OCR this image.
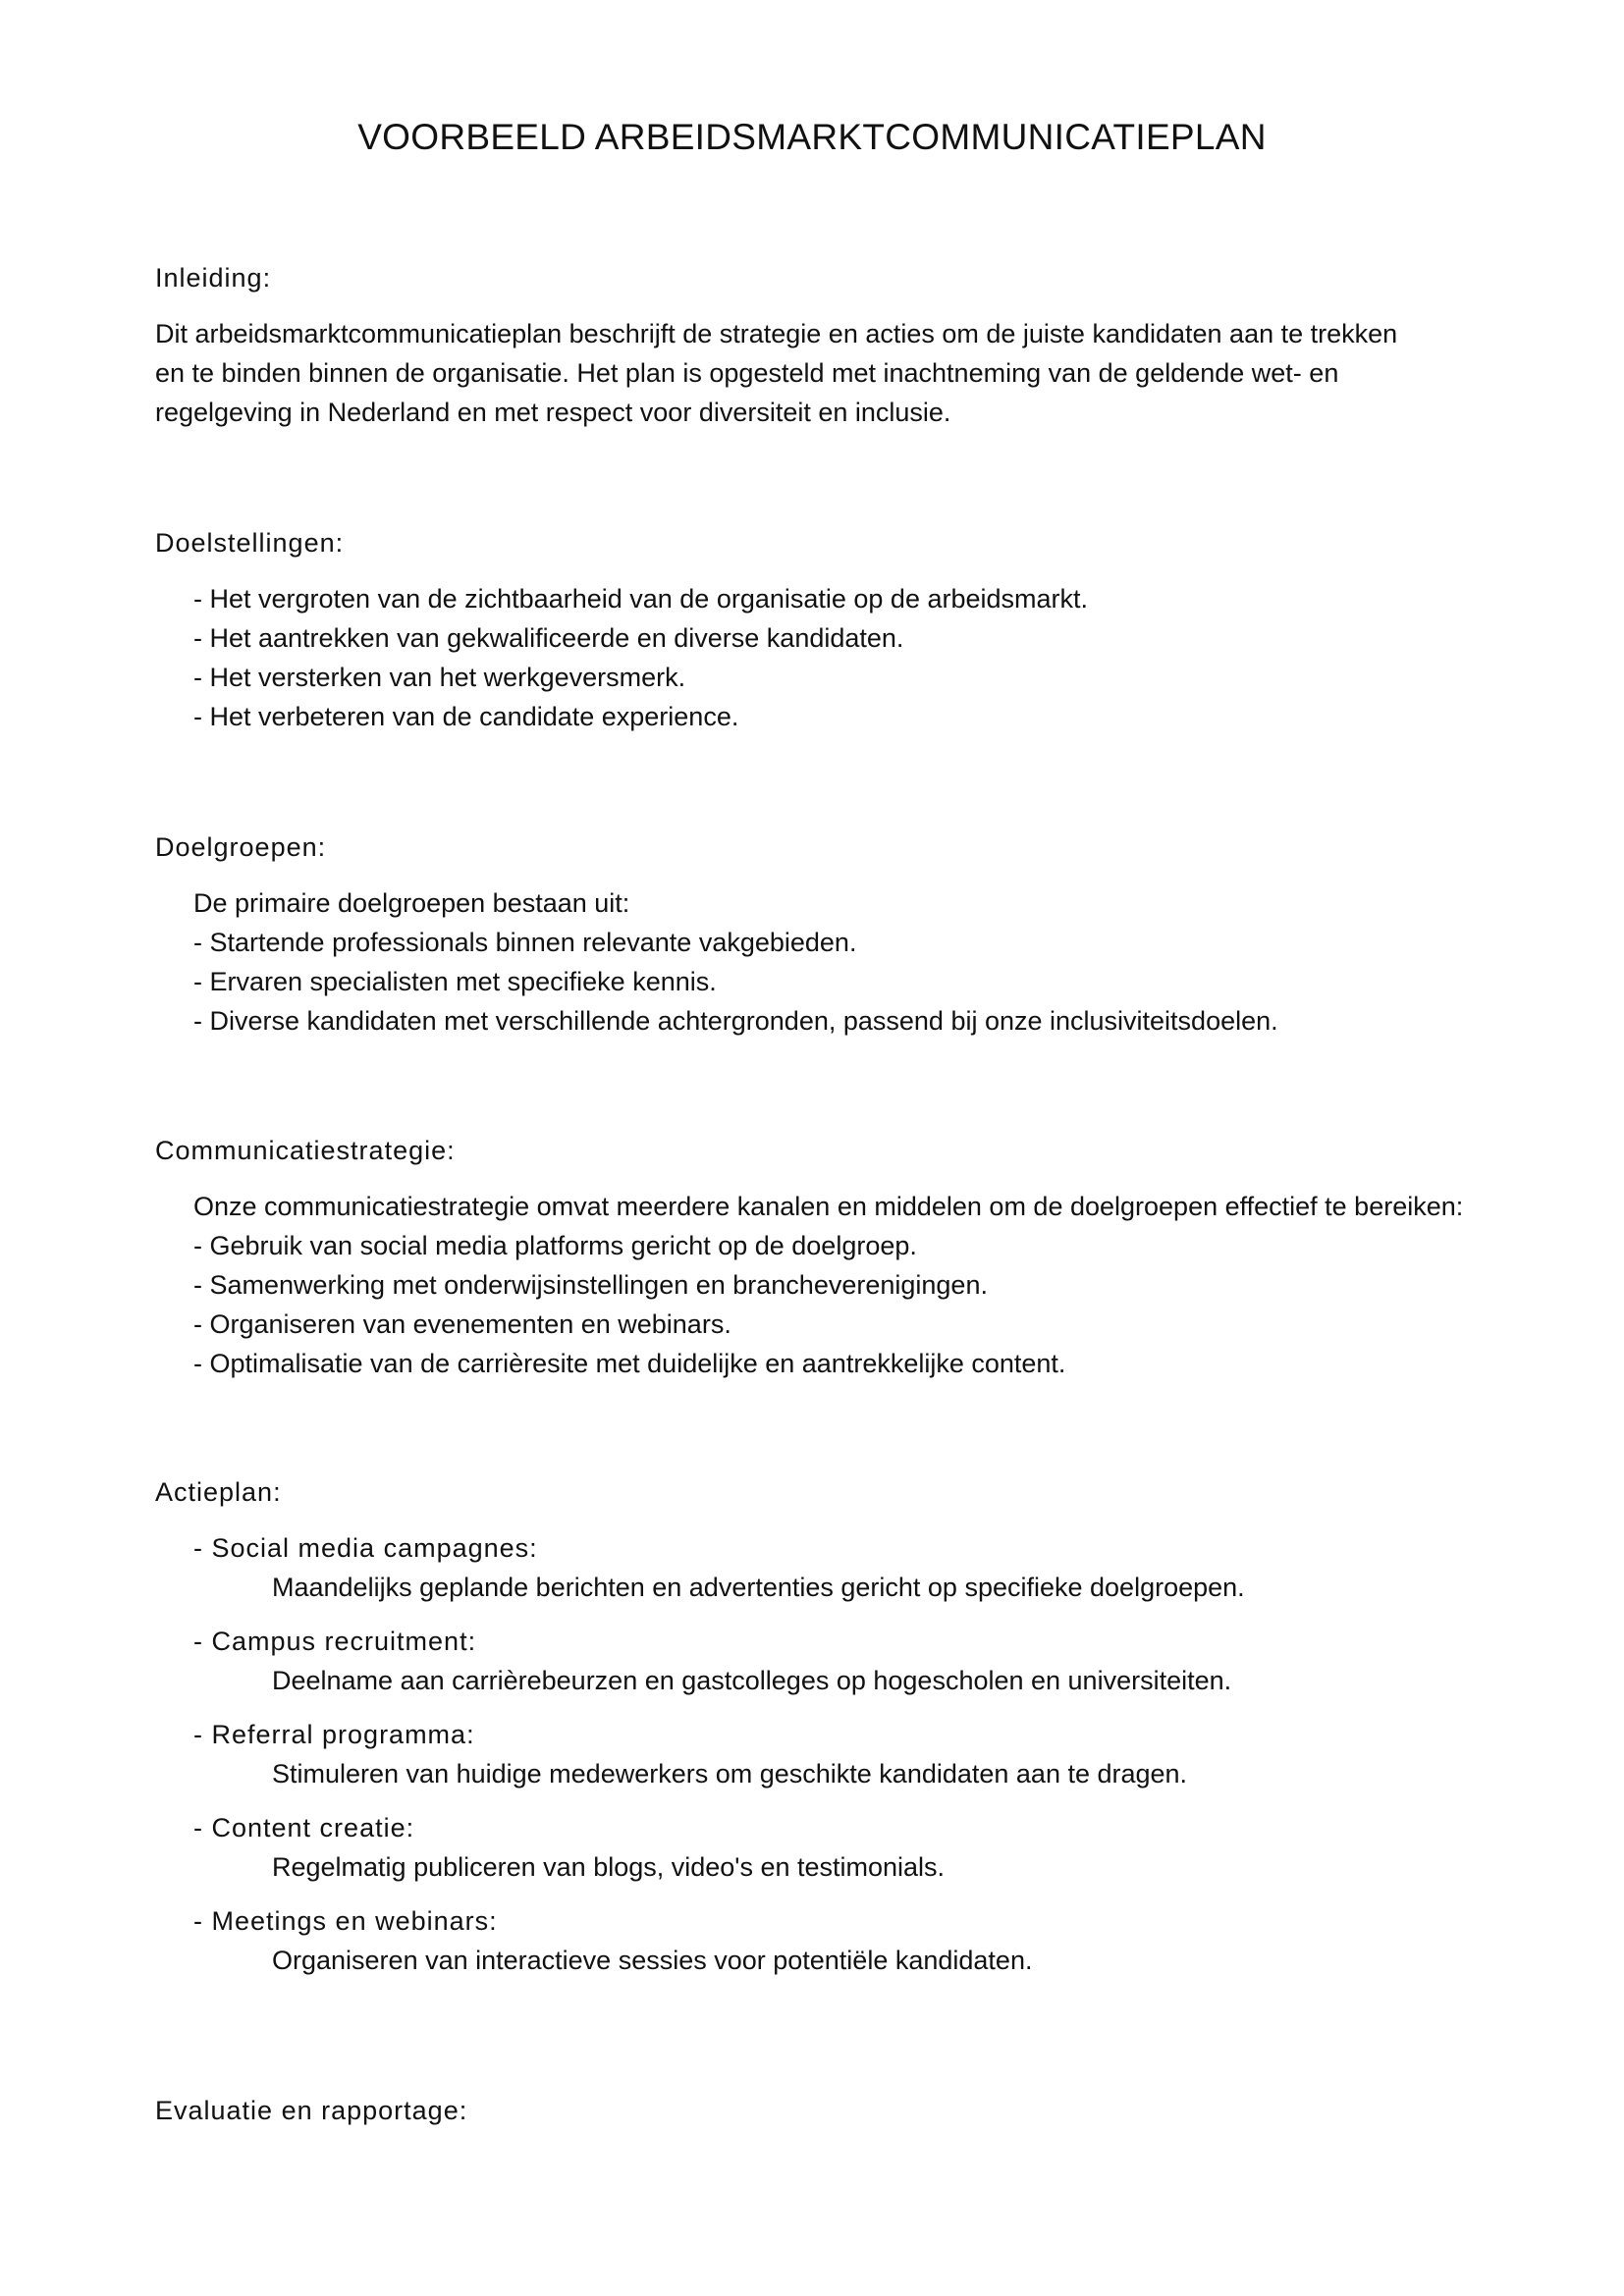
VOORBEELD ARBEIDSMARKTCOMMUNICATIEPLAN
Inleiding:
Dit arbeidsmarktcommunicatieplan beschrijft de strategie en acties om de juiste kandidaten aan te trekken
en te binden binnen de organisatie. Het plan is opgesteld met inachtneming van de geldende wet- en
regelgeving in Nederland en met respect voor diversiteit en inclusie.
Doelstellingen:
- Het vergroten van de zichtbaarheid van de organisatie op de arbeidsmarkt.
- Het aantrekken van gekwalificeerde en diverse kandidaten.
- Het versterken van het werkgeversmerk.
- Het verbeteren van de candidate experience.
Doelgroepen:
De primaire doelgroepen bestaan uit:
- Startende professionals binnen relevante vakgebieden.
- Ervaren specialisten met specifieke kennis.
- Diverse kandidaten met verschillende achtergronden, passend bij onze inclusiviteitsdoelen.
Communicatiestrategie:
Onze communicatiestrategie omvat meerdere kanalen en middelen om de doelgroepen effectief te bereiken:
- Gebruik van social media platforms gericht op de doelgroep.
- Samenwerking met onderwijsinstellingen en brancheverenigingen.
- Organiseren van evenementen en webinars.
- Optimalisatie van de carrièresite met duidelijke en aantrekkelijke content.
Actieplan:
- Social media campagnes:
Maandelijks geplande berichten en advertenties gericht op specifieke doelgroepen.
- Campus recruitment:
Deelname aan carrièrebeurzen en gastcolleges op hogescholen en universiteiten.
- Referral programma:
Stimuleren van huidige medewerkers om geschikte kandidaten aan te dragen.
- Content creatie:
Regelmatig publiceren van blogs, video's en testimonials.
- Meetings en webinars:
Organiseren van interactieve sessies voor potentiële kandidaten.
Evaluatie en rapportage:
